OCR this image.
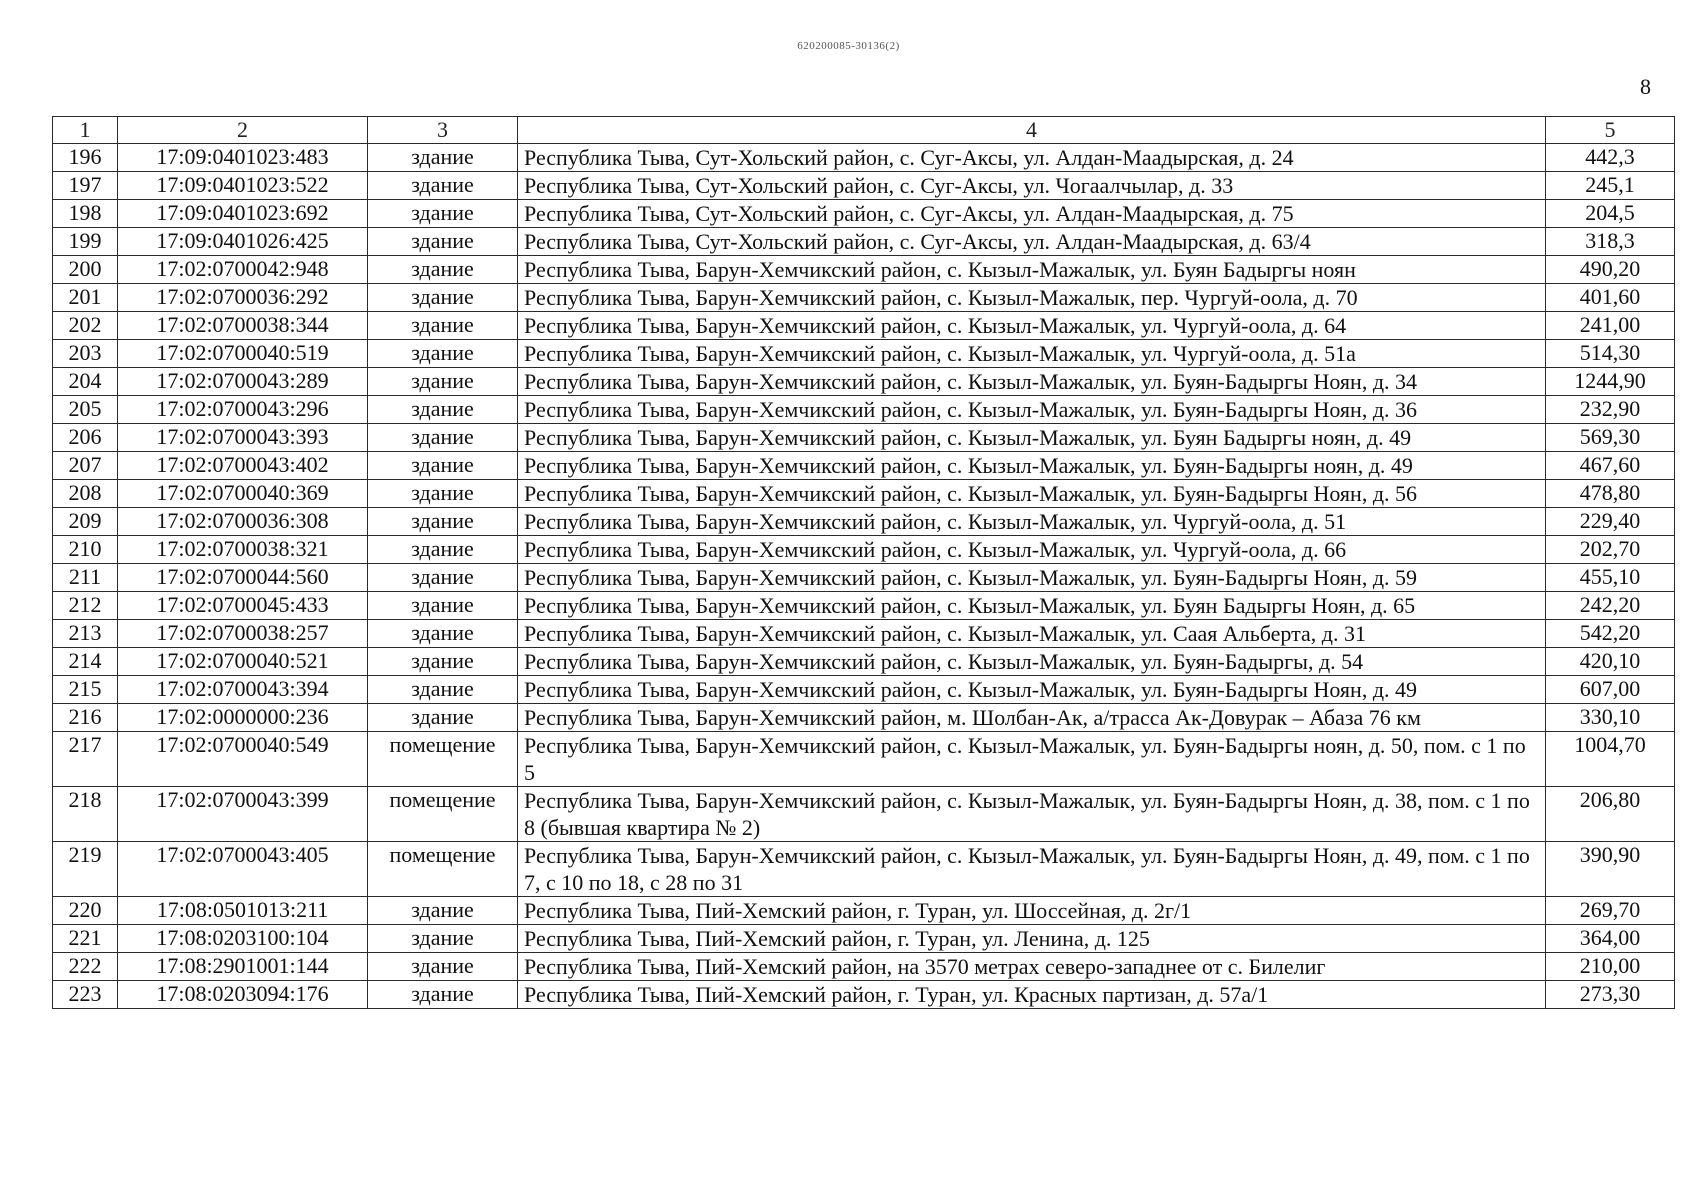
620200085-30136(2)
8
1	2	3	4	5
196	17:09:0401023:483	здание	Республика Тыва, Сут-Хольский район, с. Суг-Аксы, ул. Алдан-Маадырская, д. 24	442,3
197	17:09:0401023:522	здание	Республика Тыва, Сут-Хольский район, с. Суг-Аксы, ул. Чогаалчылар, д. 33	245,1
198	17:09:0401023:692	здание	Республика Тыва, Сут-Хольский район, с. Суг-Аксы, ул. Алдан-Маадырская, д. 75	204,5
199	17:09:0401026:425	здание	Республика Тыва, Сут-Хольский район, с. Суг-Аксы, ул. Алдан-Маадырская, д. 63/4	318,3
200	17:02:0700042:948	здание	Республика Тыва, Барун-Хемчикский район, с. Кызыл-Мажалык, ул. Буян Бадыргы ноян	490,20
201	17:02:0700036:292	здание	Республика Тыва, Барун-Хемчикский район, с. Кызыл-Мажалык, пер. Чургуй-оола, д. 70	401,60
202	17:02:0700038:344	здание	Республика Тыва, Барун-Хемчикский район, с. Кызыл-Мажалык, ул. Чургуй-оола, д. 64	241,00
203	17:02:0700040:519	здание	Республика Тыва, Барун-Хемчикский район, с. Кызыл-Мажалык, ул. Чургуй-оола, д. 51а	514,30
204	17:02:0700043:289	здание	Республика Тыва, Барун-Хемчикский район, с. Кызыл-Мажалык, ул. Буян-Бадыргы Ноян, д. 34	1244,90
205	17:02:0700043:296	здание	Республика Тыва, Барун-Хемчикский район, с. Кызыл-Мажалык, ул. Буян-Бадыргы Ноян, д. 36	232,90
206	17:02:0700043:393	здание	Республика Тыва, Барун-Хемчикский район, с. Кызыл-Мажалык, ул. Буян Бадыргы ноян, д. 49	569,30
207	17:02:0700043:402	здание	Республика Тыва, Барун-Хемчикский район, с. Кызыл-Мажалык, ул. Буян-Бадыргы ноян, д. 49	467,60
208	17:02:0700040:369	здание	Республика Тыва, Барун-Хемчикский район, с. Кызыл-Мажалык, ул. Буян-Бадыргы Ноян, д. 56	478,80
209	17:02:0700036:308	здание	Республика Тыва, Барун-Хемчикский район, с. Кызыл-Мажалык, ул. Чургуй-оола, д. 51	229,40
210	17:02:0700038:321	здание	Республика Тыва, Барун-Хемчикский район, с. Кызыл-Мажалык, ул. Чургуй-оола, д. 66	202,70
211	17:02:0700044:560	здание	Республика Тыва, Барун-Хемчикский район, с. Кызыл-Мажалык, ул. Буян-Бадыргы Ноян, д. 59	455,10
212	17:02:0700045:433	здание	Республика Тыва, Барун-Хемчикский район, с. Кызыл-Мажалык, ул. Буян Бадыргы Ноян, д. 65	242,20
213	17:02:0700038:257	здание	Республика Тыва, Барун-Хемчикский район, с. Кызыл-Мажалык, ул. Саая Альберта, д. 31	542,20
214	17:02:0700040:521	здание	Республика Тыва, Барун-Хемчикский район, с. Кызыл-Мажалык, ул. Буян-Бадыргы, д. 54	420,10
215	17:02:0700043:394	здание	Республика Тыва, Барун-Хемчикский район, с. Кызыл-Мажалык, ул. Буян-Бадыргы Ноян, д. 49	607,00
216	17:02:0000000:236	здание	Республика Тыва, Барун-Хемчикский район, м. Шолбан-Ак, а/трасса Ак-Довурак – Абаза 76 км	330,10
217	17:02:0700040:549	помещение	Республика Тыва, Барун-Хемчикский район, с. Кызыл-Мажалык, ул. Буян-Бадыргы ноян, д. 50, пом. с 1 по 5	1004,70
218	17:02:0700043:399	помещение	Республика Тыва, Барун-Хемчикский район, с. Кызыл-Мажалык, ул. Буян-Бадыргы Ноян, д. 38, пом. с 1 по 8 (бывшая квартира № 2)	206,80
219	17:02:0700043:405	помещение	Республика Тыва, Барун-Хемчикский район, с. Кызыл-Мажалык, ул. Буян-Бадыргы Ноян, д. 49, пом. с 1 по 7, с 10 по 18, с 28 по 31	390,90
220	17:08:0501013:211	здание	Республика Тыва, Пий-Хемский район, г. Туран, ул. Шоссейная, д. 2г/1	269,70
221	17:08:0203100:104	здание	Республика Тыва, Пий-Хемский район, г. Туран, ул. Ленина, д. 125	364,00
222	17:08:2901001:144	здание	Республика Тыва, Пий-Хемский район, на 3570 метрах северо-западнее от с. Билелиг	210,00
223	17:08:0203094:176	здание	Республика Тыва, Пий-Хемский район, г. Туран, ул. Красных партизан, д. 57а/1	273,30
